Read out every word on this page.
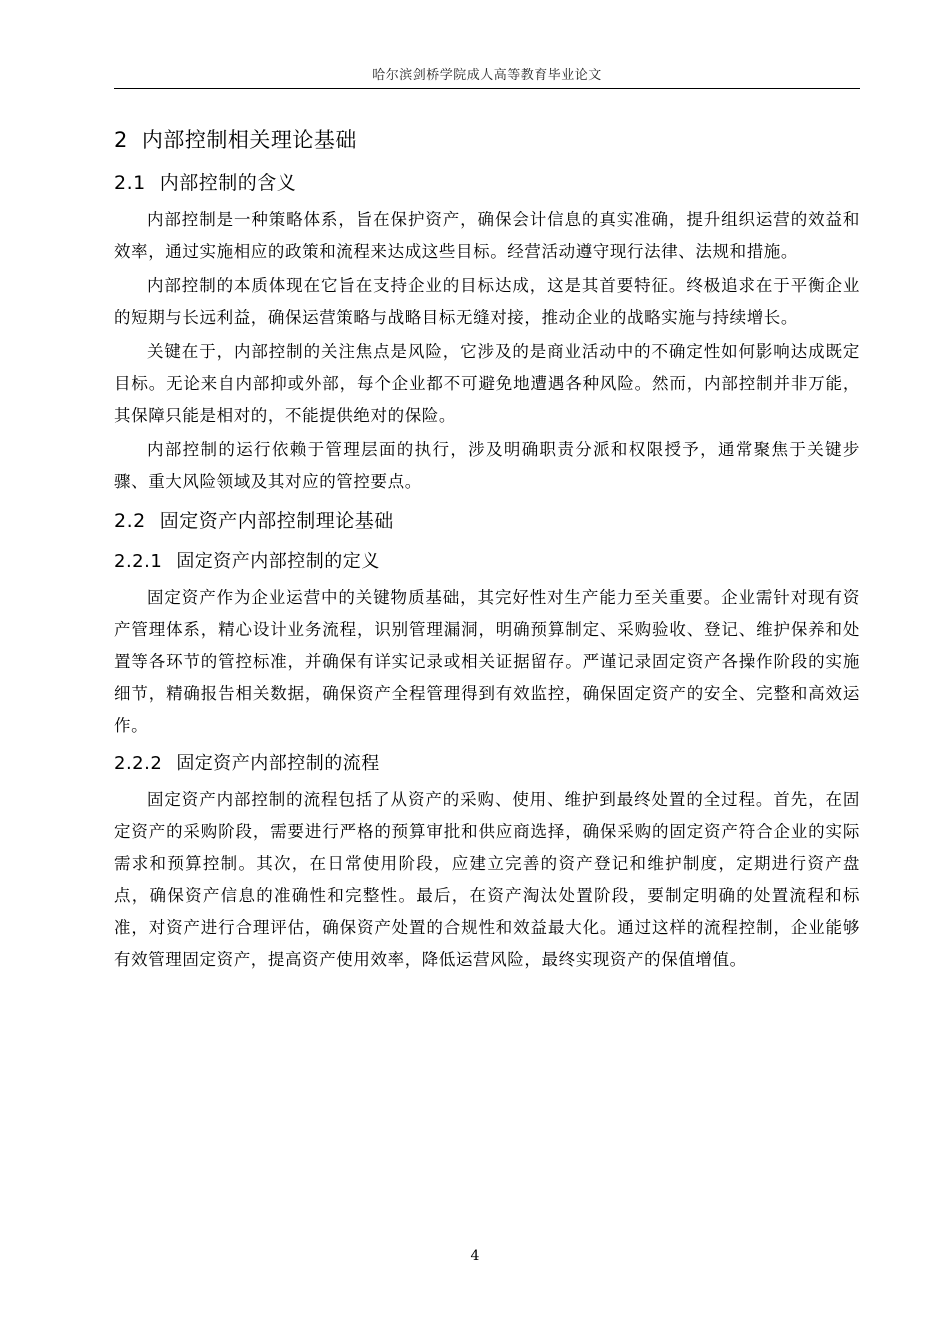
哈尔滨剑桥学院成人高等教育毕业论文
2 内部控制相关理论基础
2.1 内部控制的含义

内部控制是一种策略体系，旨在保护资产，确保会计信息的真实准确，提升组织运营的效益和效率，通过实施相应的政策和流程来达成这些目标。经营活动遵守现行法律、法规和措施。

内部控制的本质体现在它旨在支持企业的目标达成，这是其首要特征。终极追求在于平衡企业的短期与长远利益，确保运营策略与战略目标无缝对接，推动企业的战略实施与持续增长。

关键在于，内部控制的关注焦点是风险，它涉及的是商业活动中的不确定性如何影响达成既定目标。无论来自内部抑或外部，每个企业都不可避免地遭遇各种风险。然而，内部控制并非万能，其保障只能是相对的，不能提供绝对的保险。

内部控制的运行依赖于管理层面的执行，涉及明确职责分派和权限授予，通常聚焦于关键步骤、重大风险领域及其对应的管控要点。

2.2 固定资产内部控制理论基础
2.2.1 固定资产内部控制的定义

固定资产作为企业运营中的关键物质基础，其完好性对生产能力至关重要。企业需针对现有资产管理体系，精心设计业务流程，识别管理漏洞，明确预算制定、采购验收、登记、维护保养和处置等各环节的管控标准，并确保有详实记录或相关证据留存。严谨记录固定资产各操作阶段的实施细节，精确报告相关数据，确保资产全程管理得到有效监控，确保固定资产的安全、完整和高效运作。

2.2.2 固定资产内部控制的流程

固定资产内部控制的流程包括了从资产的采购、使用、维护到最终处置的全过程。首先，在固定资产的采购阶段，需要进行严格的预算审批和供应商选择，确保采购的固定资产符合企业的实际需求和预算控制。其次，在日常使用阶段，应建立完善的资产登记和维护制度，定期进行资产盘点，确保资产信息的准确性和完整性。最后，在资产淘汰处置阶段，要制定明确的处置流程和标准，对资产进行合理评估，确保资产处置的合规性和效益最大化。通过这样的流程控制，企业能够有效管理固定资产，提高资产使用效率，降低运营风险，最终实现资产的保值增值。

4
